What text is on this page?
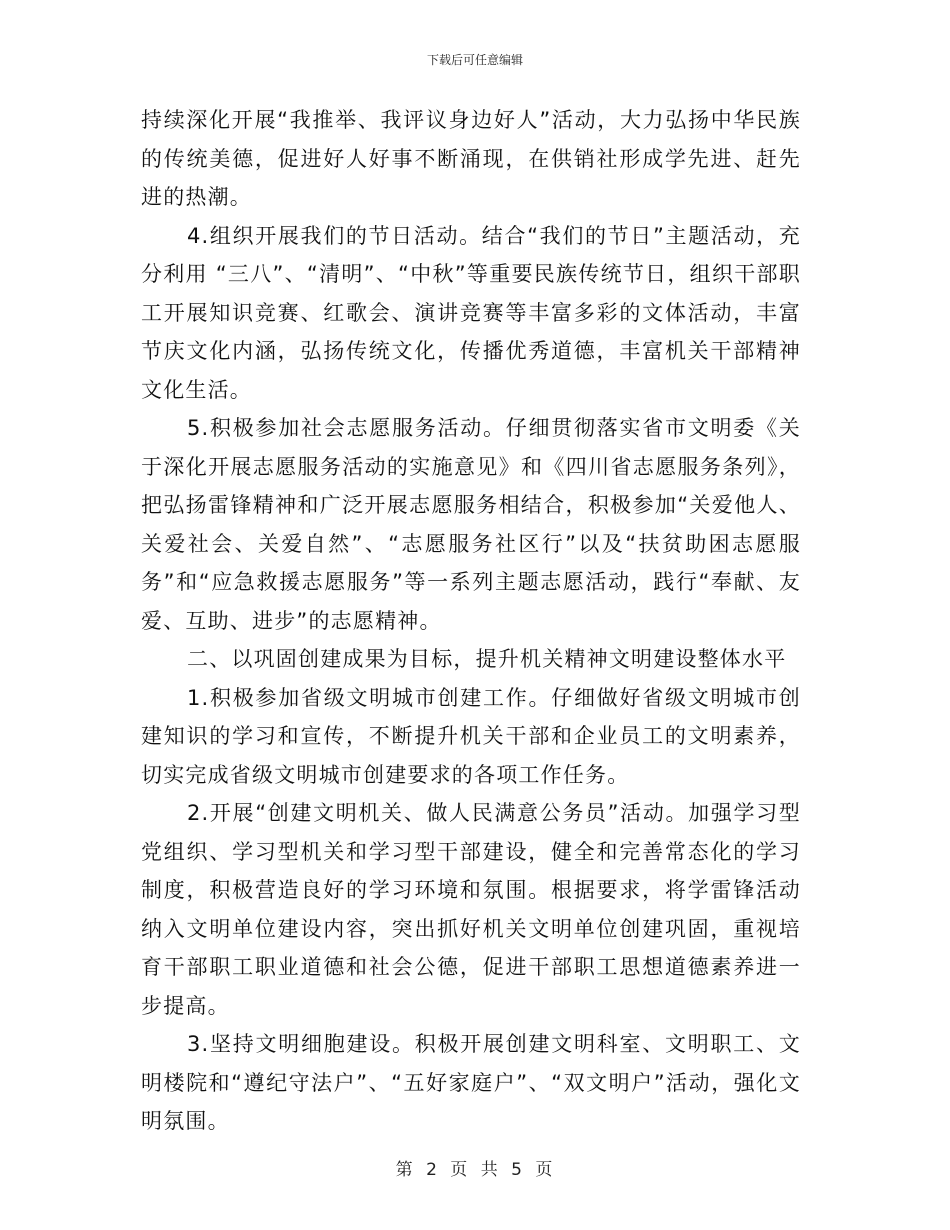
下载后可任意编辑

持续深化开展“我推举、我评议身边好人”活动，大力弘扬中华民族的传统美德，促进好人好事不断涌现，在供销社形成学先进、赶先进的热潮。

4.组织开展我们的节日活动。结合“我们的节日”主题活动，充分利用 “三八”、“清明”、“中秋”等重要民族传统节日，组织干部职工开展知识竞赛、红歌会、演讲竞赛等丰富多彩的文体活动，丰富节庆文化内涵，弘扬传统文化，传播优秀道德，丰富机关干部精神文化生活。

5.积极参加社会志愿服务活动。仔细贯彻落实省市文明委《关于深化开展志愿服务活动的实施意见》和《四川省志愿服务条列》，把弘扬雷锋精神和广泛开展志愿服务相结合，积极参加“关爱他人、关爱社会、关爱自然”、“志愿服务社区行”以及“扶贫助困志愿服务”和“应急救援志愿服务”等一系列主题志愿活动，践行“奉献、友爱、互助、进步”的志愿精神。

二、以巩固创建成果为目标，提升机关精神文明建设整体水平

1.积极参加省级文明城市创建工作。仔细做好省级文明城市创建知识的学习和宣传，不断提升机关干部和企业员工的文明素养，切实完成省级文明城市创建要求的各项工作任务。

2.开展“创建文明机关、做人民满意公务员”活动。加强学习型党组织、学习型机关和学习型干部建设，健全和完善常态化的学习制度，积极营造良好的学习环境和氛围。根据要求，将学雷锋活动纳入文明单位建设内容，突出抓好机关文明单位创建巩固，重视培育干部职工职业道德和社会公德，促进干部职工思想道德素养进一步提高。

3.坚持文明细胞建设。积极开展创建文明科室、文明职工、文明楼院和“遵纪守法户”、“五好家庭户”、“双文明户”活动，强化文明氛围。

第 2 页 共 5 页
